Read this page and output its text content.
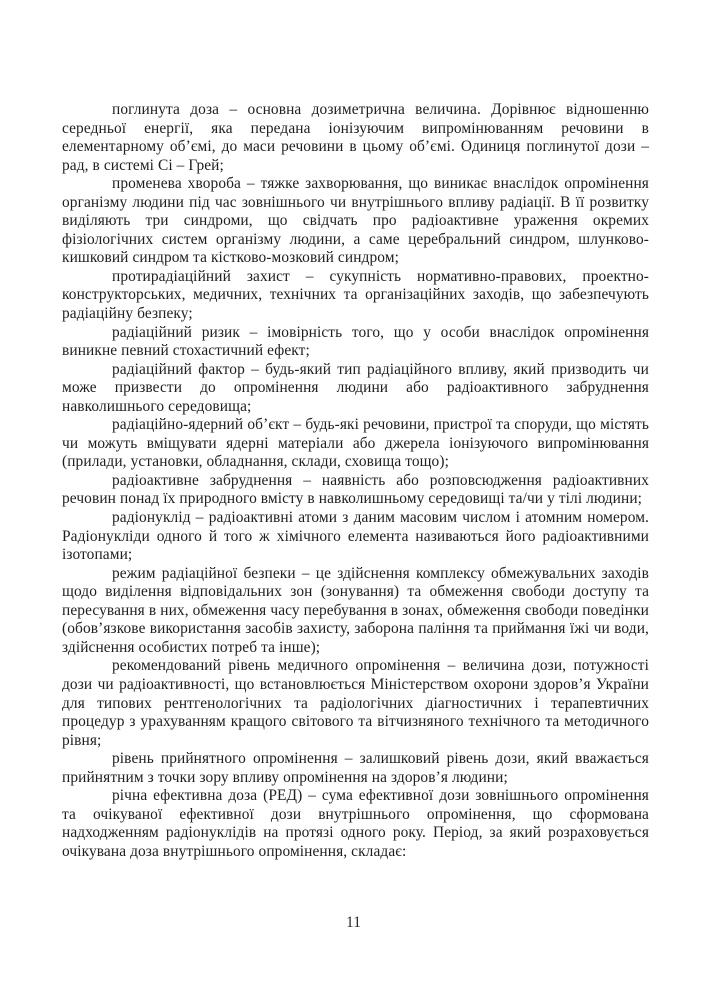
поглинута доза – основна дозиметрична величина. Дорівнює відношенню середньої енергії, яка передана іонізуючим випромінюванням речовини в елементарному об’ємі, до маси речовини в цьому об’ємі. Одиниця поглинутої дози – рад, в системі Сі – Грей;

променева хвороба – тяжке захворювання, що виникає внаслідок опромінення організму людини під час зовнішнього чи внутрішнього впливу радіації. В її розвитку виділяють три синдроми, що свідчать про радіоактивне ураження окремих фізіологічних систем організму людини, а саме церебральний синдром, шлунково-кишковий синдром та кістково-мозковий синдром;

протирадіаційний захист – сукупність нормативно-правових, проектно-конструкторських, медичних, технічних та організаційних заходів, що забезпечують радіаційну безпеку;

радіаційний ризик – імовірність того, що у особи внаслідок опромінення виникне певний стохастичний ефект;

радіаційний фактор – будь-який тип радіаційного впливу, який призводить чи може призвести до опромінення людини або радіоактивного забруднення навколишнього середовища;

радіаційно-ядерний об’єкт – будь-які речовини, пристрої та споруди, що містять чи можуть вміщувати ядерні матеріали або джерела іонізуючого випромінювання (прилади, установки, обладнання, склади, сховища тощо);

радіоактивне забруднення – наявність або розповсюдження радіоактивних речовин понад їх природного вмісту в навколишньому середовищі та/чи у тілі людини;

радіонуклід – радіоактивні атоми з даним масовим числом і атомним номером. Радіонукліди одного й того ж хімічного елемента називаються його радіоактивними ізотопами;

режим радіаційної безпеки – це здійснення комплексу обмежувальних заходів щодо виділення відповідальних зон (зонування) та обмеження свободи доступу та пересування в них, обмеження часу перебування в зонах, обмеження свободи поведінки (обов’язкове використання засобів захисту, заборона паління та приймання їжі чи води, здійснення особистих потреб та інше);

рекомендований рівень медичного опромінення – величина дози, потужності дози чи радіоактивності, що встановлюється Міністерством охорони здоров’я України для типових рентгенологічних та радіологічних діагностичних і терапевтичних процедур з урахуванням кращого світового та вітчизняного технічного та методичного рівня;

рівень прийнятного опромінення – залишковий рівень дози, який вважається прийнятним з точки зору впливу опромінення на здоров’я людини;

річна ефективна доза (РЕД) – сума ефективної дози зовнішнього опромінення та очікуваної ефективної дози внутрішнього опромінення, що сформована надходженням радіонуклідів на протязі одного року. Період, за який розраховується очікувана доза внутрішнього опромінення, складає:

11
